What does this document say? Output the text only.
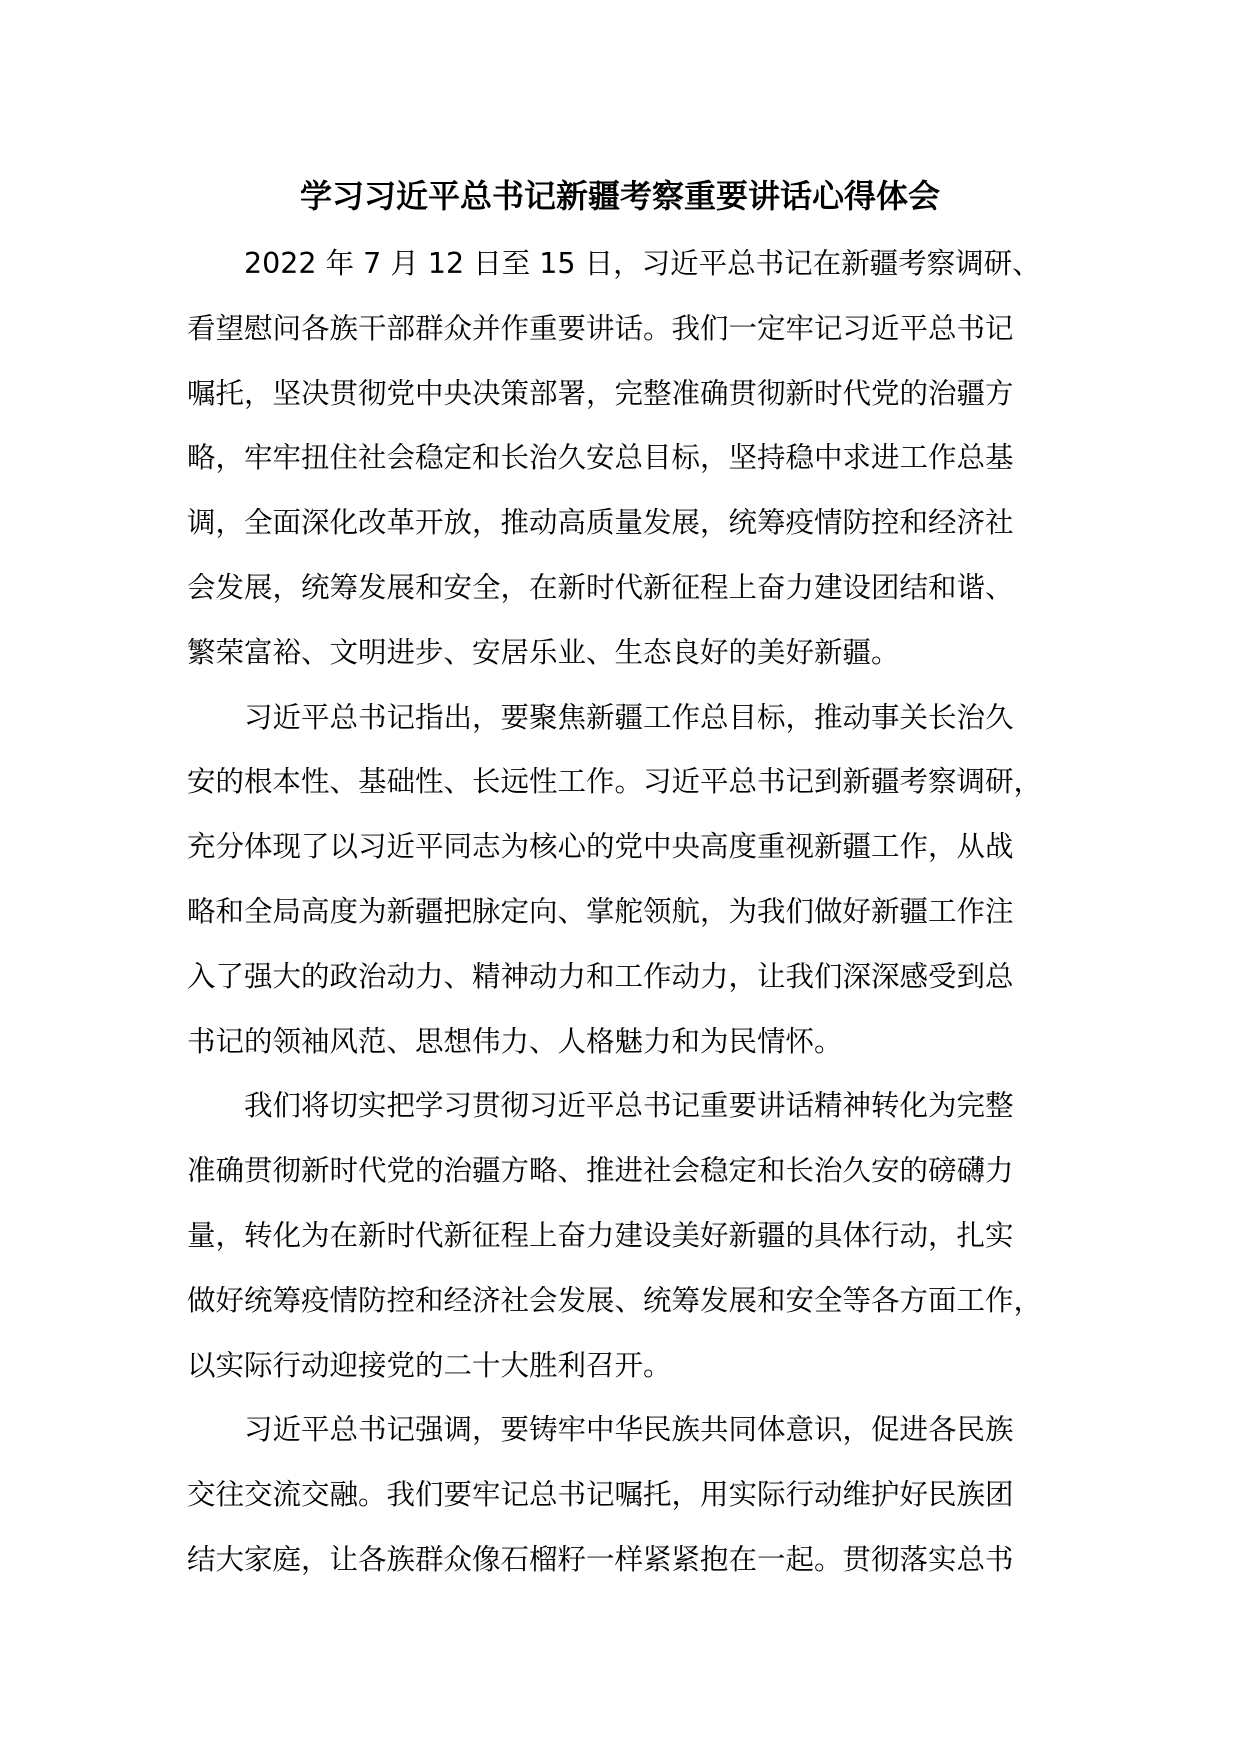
学习习近平总书记新疆考察重要讲话心得体会
2022 年 7 月 12 日至 15 日，习近平总书记在新疆考察调研、
看望慰问各族干部群众并作重要讲话。我们一定牢记习近平总书记
嘱托，坚决贯彻党中央决策部署，完整准确贯彻新时代党的治疆方
略，牢牢扭住社会稳定和长治久安总目标，坚持稳中求进工作总基
调，全面深化改革开放，推动高质量发展，统筹疫情防控和经济社
会发展，统筹发展和安全，在新时代新征程上奋力建设团结和谐、
繁荣富裕、文明进步、安居乐业、生态良好的美好新疆。
习近平总书记指出，要聚焦新疆工作总目标，推动事关长治久
安的根本性、基础性、长远性工作。习近平总书记到新疆考察调研，
充分体现了以习近平同志为核心的党中央高度重视新疆工作，从战
略和全局高度为新疆把脉定向、掌舵领航，为我们做好新疆工作注
入了强大的政治动力、精神动力和工作动力，让我们深深感受到总
书记的领袖风范、思想伟力、人格魅力和为民情怀。
我们将切实把学习贯彻习近平总书记重要讲话精神转化为完整
准确贯彻新时代党的治疆方略、推进社会稳定和长治久安的磅礴力
量，转化为在新时代新征程上奋力建设美好新疆的具体行动，扎实
做好统筹疫情防控和经济社会发展、统筹发展和安全等各方面工作，
以实际行动迎接党的二十大胜利召开。
习近平总书记强调，要铸牢中华民族共同体意识，促进各民族
交往交流交融。我们要牢记总书记嘱托，用实际行动维护好民族团
结大家庭，让各族群众像石榴籽一样紧紧抱在一起。贯彻落实总书
